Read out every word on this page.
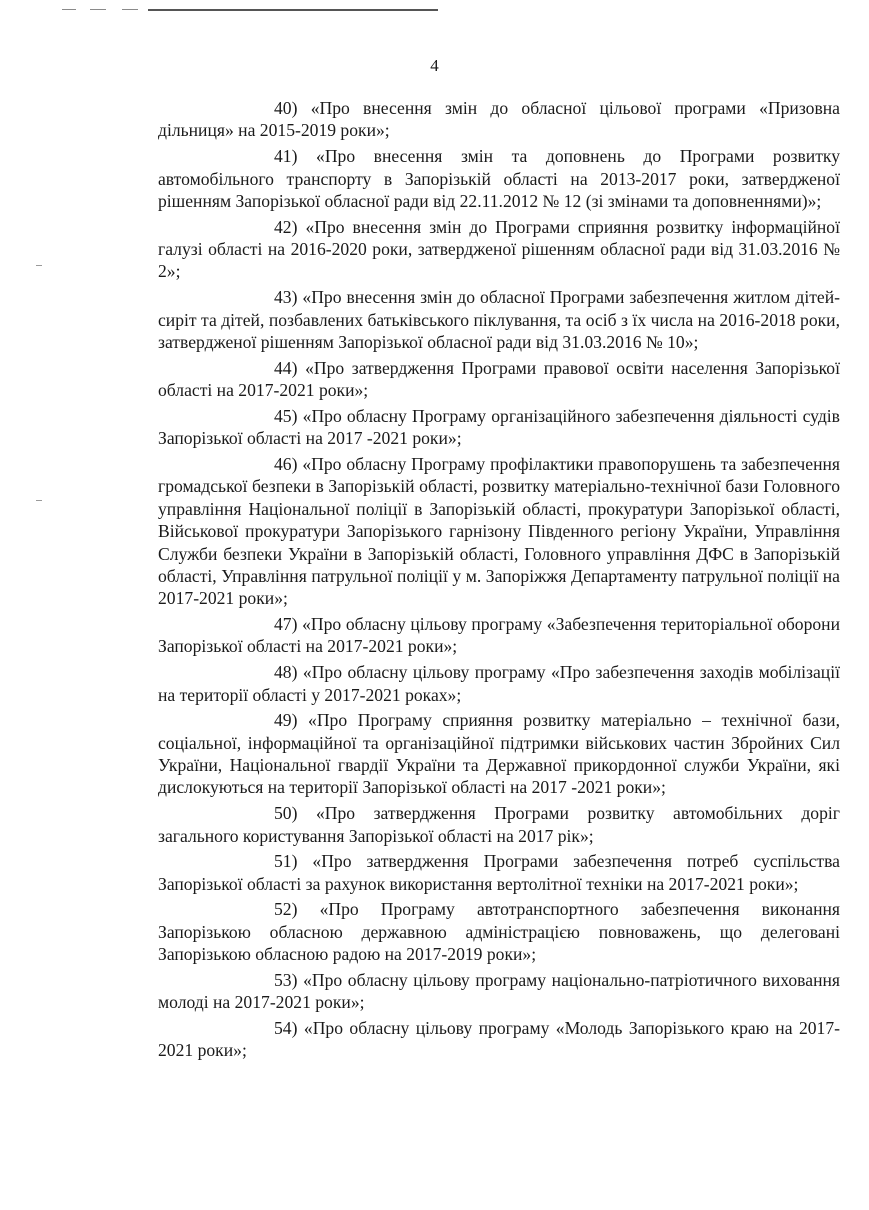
4

40) «Про внесення змін до обласної цільової програми «Призовна дільниця» на 2015-2019 роки»;

41) «Про внесення змін та доповнень до Програми розвитку автомобільного транспорту в Запорізькій області на 2013-2017 роки, затвердженої рішенням Запорізької обласної ради від 22.11.2012 № 12 (зі змінами та доповненнями)»;

42) «Про внесення змін до Програми сприяння розвитку інформаційної галузі області на 2016-2020 роки, затвердженої рішенням обласної ради від 31.03.2016 № 2»;

43) «Про внесення змін до обласної Програми забезпечення житлом дітей-сиріт та дітей, позбавлених батьківського піклування, та осіб з їх числа на 2016-2018 роки, затвердженої рішенням Запорізької обласної ради від 31.03.2016 № 10»;

44) «Про затвердження Програми правової освіти населення Запорізької області на 2017-2021 роки»;

45) «Про обласну Програму організаційного забезпечення діяльності судів Запорізької області на 2017 -2021 роки»;

46) «Про обласну Програму профілактики правопорушень та забезпечення громадської безпеки в Запорізькій області, розвитку матеріально-технічної бази Головного управління Національної поліції в Запорізькій області, прокуратури Запорізької області, Військової прокуратури Запорізького гарнізону Південного регіону України, Управління Служби безпеки України в Запорізькій області, Головного управління ДФС в Запорізькій області, Управління патрульної поліції у м. Запоріжжя Департаменту патрульної поліції на 2017-2021 роки»;

47) «Про обласну цільову програму «Забезпечення територіальної оборони Запорізької області на 2017-2021 роки»;

48) «Про обласну цільову програму «Про забезпечення заходів мобілізації на території області у 2017-2021 роках»;

49) «Про Програму сприяння розвитку матеріально – технічної бази, соціальної, інформаційної та організаційної підтримки військових частин Збройних Сил України, Національної гвардії України та Державної прикордонної служби України, які дислокуються на території Запорізької області на 2017 -2021 роки»;

50) «Про затвердження Програми розвитку автомобільних доріг загального користування Запорізької області на 2017 рік»;

51) «Про затвердження Програми забезпечення потреб суспільства Запорізької області за рахунок використання вертолітної техніки на 2017-2021 роки»;

52) «Про Програму автотранспортного забезпечення виконання Запорізькою обласною державною адміністрацією повноважень, що делеговані Запорізькою обласною радою на 2017-2019 роки»;

53) «Про обласну цільову програму національно-патріотичного виховання молоді на 2017-2021 роки»;

54) «Про обласну цільову програму «Молодь Запорізького краю на 2017-2021 роки»;
